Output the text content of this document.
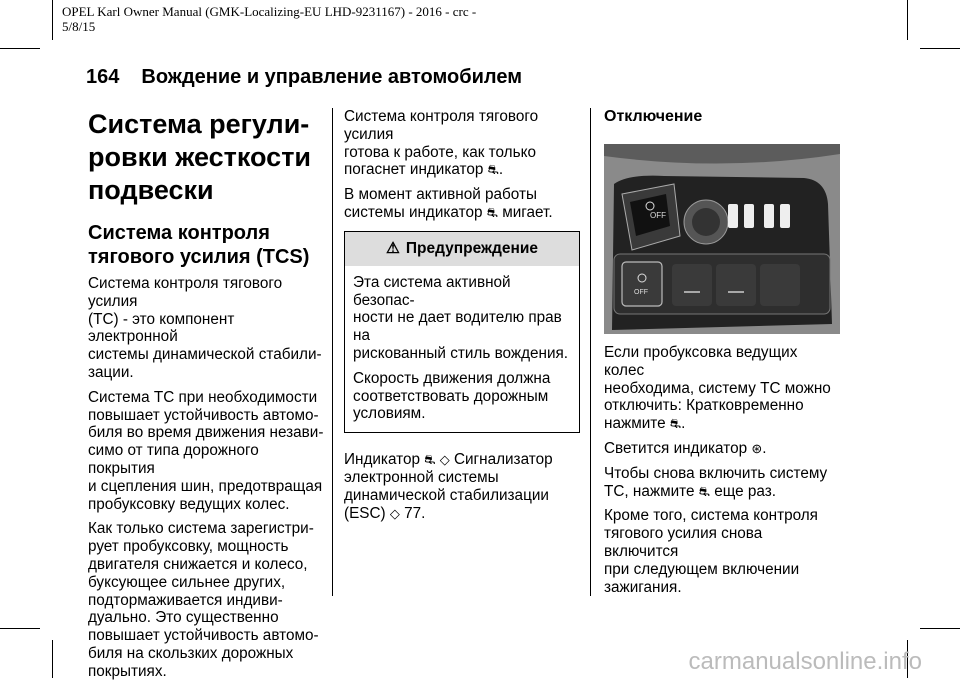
OPEL Karl Owner Manual (GMK-Localizing-EU LHD-9231167) - 2016 - crc -
5/8/15
164 Вождение и управление автомобилем
Система регули-
ровки жесткости
подвески
Система контроля
тягового усилия (TCS)

Система контроля тягового усилия
(TC) - это компонент электронной
системы динамической стабили-
зации.

Система TC при необходимости
повышает устойчивость автомо-
биля во время движения незави-
симо от типа дорожного покрытия
и сцепления шин, предотвращая
пробуксовку ведущих колес.

Как только система зарегистри-
рует пробуксовку, мощность
двигателя снижается и колесо,
буксующее сильнее других,
подтормаживается индиви-
дуально. Это существенно
повышает устойчивость автомо-
биля на скользких дорожных
покрытиях.

Система контроля тягового усилия
готова к работе, как только
погаснет индикатор ⛐.

В момент активной работы
системы индикатор ⛐ мигает.

⚠ Предупреждение

Эта система активной безопас-
ности не дает водителю прав на
рискованный стиль вождения.

Скорость движения должна
соответствовать дорожным
условиям.

Индикатор ⛐ ◇ Сигнализатор
электронной системы
динамической стабилизации
(ESC) ◇ 77.

Отключение
OFF
OFF

Если пробуксовка ведущих колес
необходима, систему TC можно
отключить: Кратковременно
нажмите ⛐.

Светится индикатор ⊛.

Чтобы снова включить систему
TC, нажмите ⛐ еще раз.

Кроме того, система контроля
тягового усилия снова включится
при следующем включении
зажигания.

carmanualsonline.info
